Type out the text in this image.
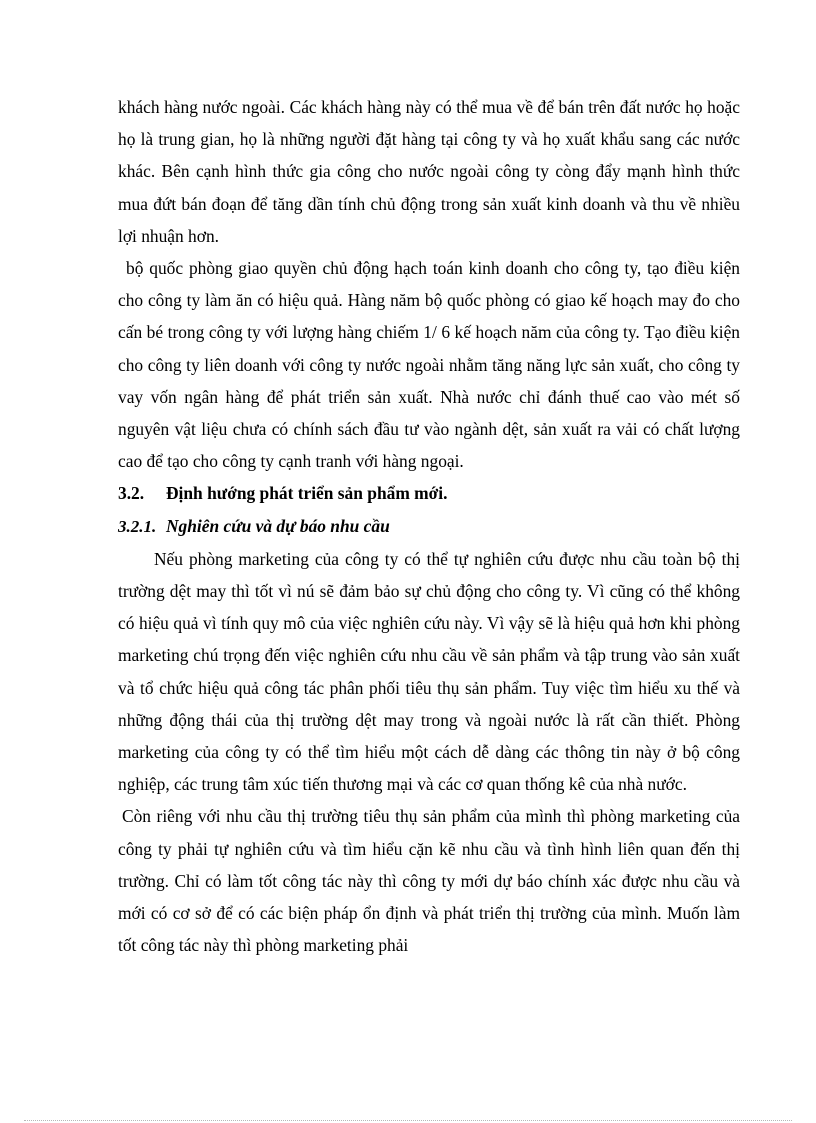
khách hàng nước ngoài. Các khách hàng này có thể mua về để bán trên đất nước họ hoặc họ là trung gian, họ là những người đặt hàng tại công ty và họ xuất khẩu sang các nước khác. Bên cạnh hình thức gia công cho nước ngoài công ty còng đẩy mạnh hình thức mua đứt bán đoạn để tăng dần tính chủ động trong sản xuất kinh doanh và thu về nhiều lợi nhuận hơn.

bộ quốc phòng giao quyền chủ động hạch toán kinh doanh cho công ty, tạo điều kiện cho công ty làm ăn có hiệu quả. Hàng năm bộ quốc phòng có giao kế hoạch may đo cho cấn bé trong công ty với lượng hàng chiếm 1/ 6 kế hoạch năm của công ty. Tạo điều kiện cho công ty liên doanh với công ty nước ngoài nhằm tăng năng lực sản xuất, cho công ty vay vốn ngân hàng để phát triển sản xuất. Nhà nước chỉ đánh thuế cao vào mét số nguyên vật liệu chưa có chính sách đầu tư vào ngành dệt, sản xuất ra vải có chất lượng cao để tạo cho công ty cạnh tranh với hàng ngoại.

3.2.	Định hướng phát triển sản phẩm mới.
3.2.1. Nghiên cứu và dự báo nhu cầu

Nếu phòng marketing của công ty có thể tự nghiên cứu được nhu cầu toàn bộ thị trường dệt may thì tốt vì nú sẽ đảm bảo sự chủ động cho công ty. Vì cũng có thể không có hiệu quả vì tính quy mô của việc nghiên cứu này. Vì vậy sẽ là hiệu quả hơn khi phòng marketing chú trọng đến việc nghiên cứu nhu cầu về sản phẩm và tập trung vào sản xuất và tổ chức hiệu quả công tác phân phối tiêu thụ sản phẩm. Tuy việc tìm hiểu xu thế và những động thái của thị trường dệt may trong và ngoài nước là rất cần thiết. Phòng marketing của công ty có thể tìm hiểu một cách dễ dàng các thông tin này ở bộ công nghiệp, các trung tâm xúc tiến thương mại và các cơ quan thống kê của nhà nước.

Còn riêng với nhu cầu thị trường tiêu thụ sản phẩm của mình thì phòng marketing của công ty phải tự nghiên cứu và tìm hiểu cặn kẽ nhu cầu và tình hình liên quan đến thị trường. Chỉ có làm tốt công tác này thì công ty mới dự báo chính xác được nhu cầu và mới có cơ sở để có các biện pháp ổn định và phát triển thị trường của mình. Muốn làm tốt công tác này thì phòng marketing phải
